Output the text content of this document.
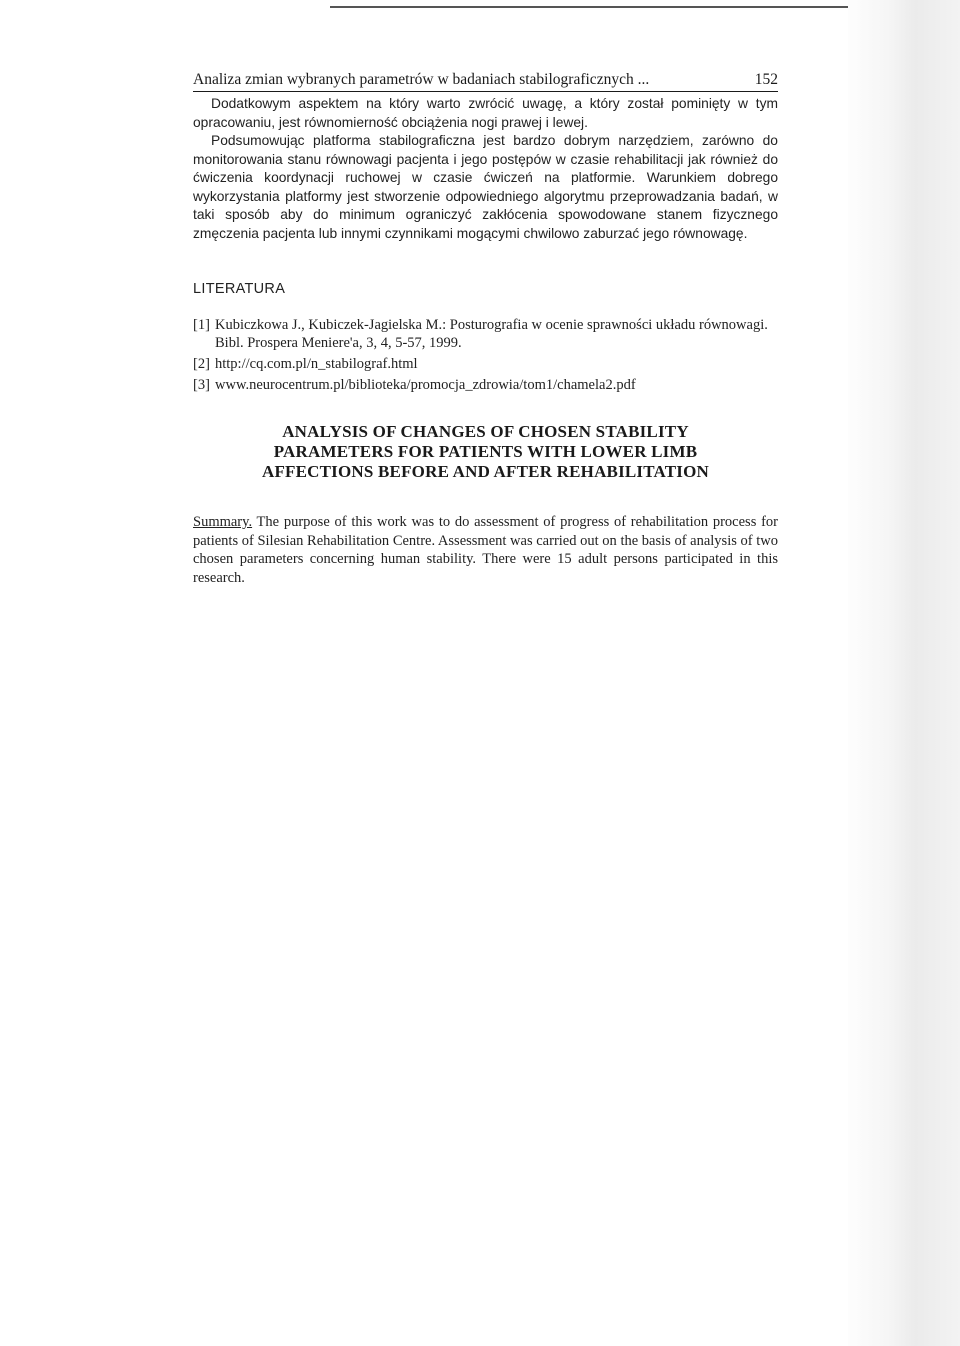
Analiza zmian wybranych parametrów w badaniach stabilograficznych ...	152

Dodatkowym aspektem na który warto zwrócić uwagę, a który został pominięty w tym opracowaniu, jest równomierność obciążenia nogi prawej i lewej.

Podsumowując platforma stabilograficzna jest bardzo dobrym narzędziem, zarówno do monitorowania stanu równowagi pacjenta i jego postępów w czasie rehabilitacji jak również do ćwiczenia koordynacji ruchowej w czasie ćwiczeń na platformie. Warunkiem dobrego wykorzystania platformy jest stworzenie odpowiedniego algorytmu przeprowadzania badań, w taki sposób aby do minimum ograniczyć zakłócenia spowodowane stanem fizycznego zmęczenia pacjenta lub innymi czynnikami mogącymi chwilowo zaburzać jego równowagę.

LITERATURA
[1] Kubiczkowa J., Kubiczek-Jagielska M.: Posturografia w ocenie sprawności układu równowagi. Bibl. Prospera Meniere'a, 3, 4, 5-57, 1999.
[2] http://cq.com.pl/n_stabilograf.html
[3] www.neurocentrum.pl/biblioteka/promocja_zdrowia/tom1/chamela2.pdf
ANALYSIS OF CHANGES OF CHOSEN STABILITY
PARAMETERS FOR PATIENTS WITH LOWER LIMB
AFFECTIONS BEFORE AND AFTER REHABILITATION

Summary. The purpose of this work was to do assessment of progress of rehabilitation process for patients of Silesian Rehabilitation Centre. Assessment was carried out on the basis of analysis of two chosen parameters concerning human stability. There were 15 adult persons participated in this research.
